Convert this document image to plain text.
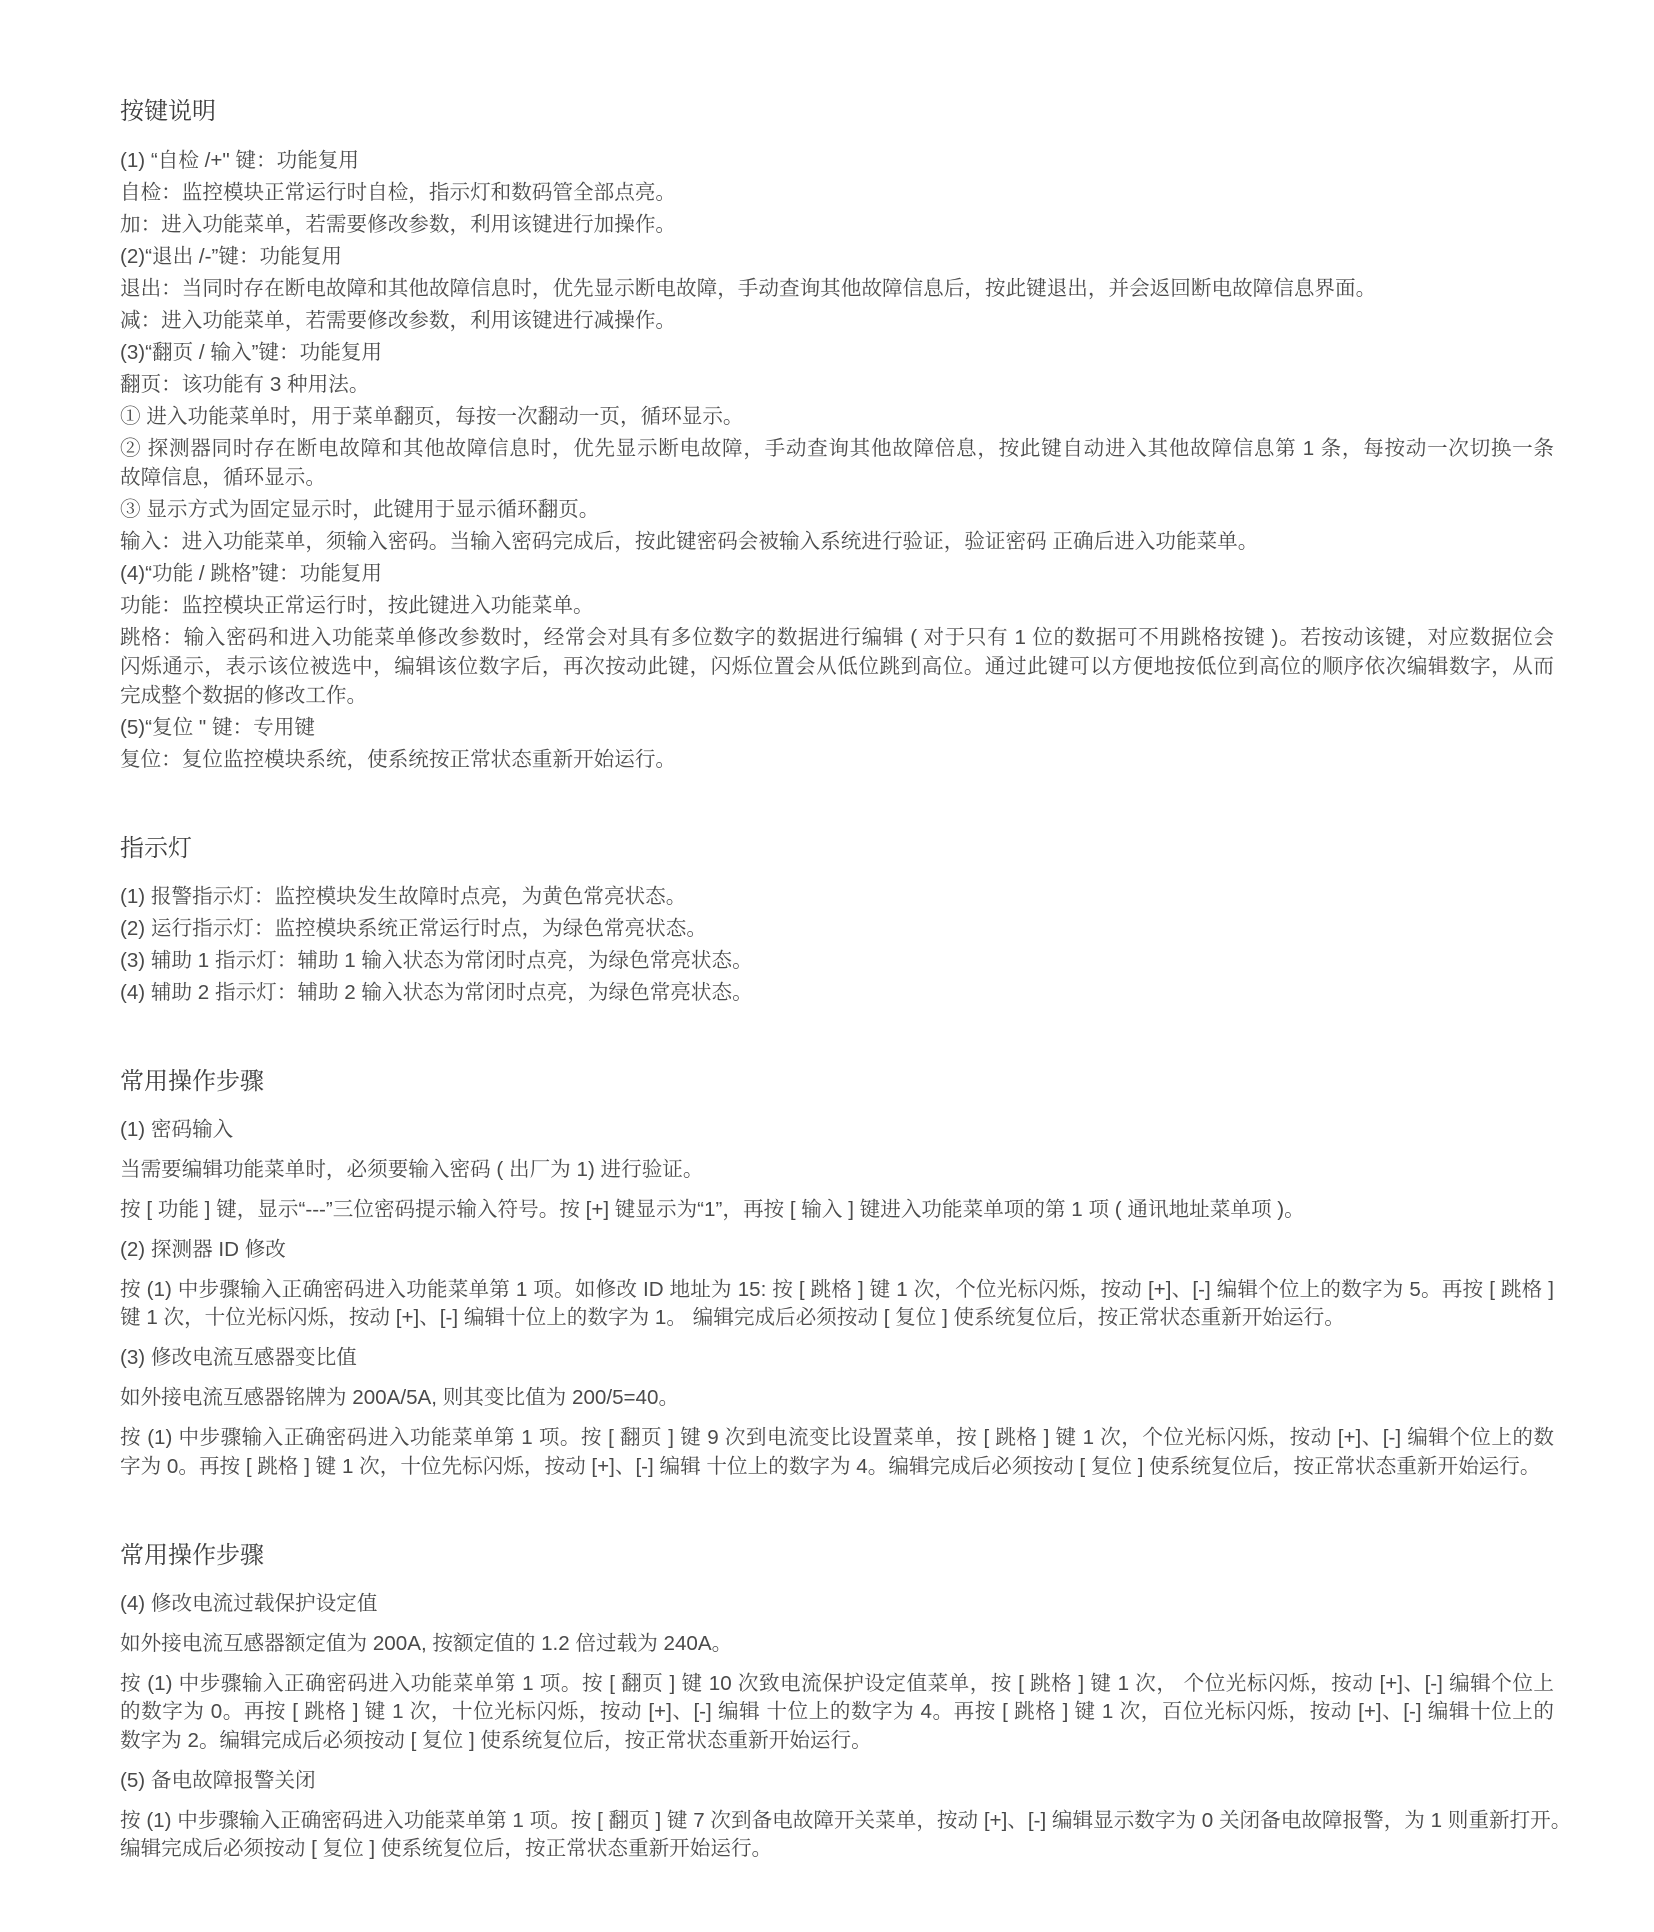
按键说明
(1) “自检 /+" 键：功能复用
自检：监控模块正常运行时自检，指示灯和数码管全部点亮。
加：进入功能菜单，若需要修改参数，利用该键进行加操作。
(2)“退出 /-”键：功能复用
退出：当同时存在断电故障和其他故障信息时，优先显示断电故障，手动查询其他故障信息后，按此键退出，并会返回断电故障信息界面。
减：进入功能菜单，若需要修改参数，利用该键进行减操作。
(3)“翻页 / 输入”键：功能复用
翻页：该功能有 3 种用法。
① 进入功能菜单时，用于菜单翻页，每按一次翻动一页，循环显示。
② 探测器同时存在断电故障和其他故障信息时，优先显示断电故障，手动查询其他故障倍息，按此键自动进入其他故障信息第 1 条，每按动一次切换一条
故障信息，循环显示。
③ 显示方式为固定显示时，此键用于显示循环翻页。
输入：进入功能菜单，须输入密码。当输入密码完成后，按此键密码会被输入系统进行验证，验证密码 正确后进入功能菜单。
(4)“功能 / 跳格”键：功能复用
功能：监控模块正常运行时，按此键进入功能菜单。
跳格：输入密码和进入功能菜单修改参数时，经常会对具有多位数字的数据进行编辑 ( 对于只有 1 位的数据可不用跳格按键 )。若按动该键，对应数据位会
闪烁通示，表示该位被选中，编辑该位数字后，再次按动此键，闪烁位置会从低位跳到高位。通过此键可以方便地按低位到高位的顺序依次编辑数字，从而
完成整个数据的修改工作。
(5)“复位 " 键：专用键
复位：复位监控模块系统，使系统按正常状态重新开始运行。
指示灯
(1) 报警指示灯：监控模块发生故障时点亮，为黄色常亮状态。
(2) 运行指示灯：监控模块系统正常运行时点，为绿色常亮状态。
(3) 辅助 1 指示灯：辅助 1 输入状态为常闭时点亮，为绿色常亮状态。
(4) 辅助 2 指示灯：辅助 2 输入状态为常闭时点亮，为绿色常亮状态。
常用操作步骤
(1) 密码输入
当需要编辑功能菜单时，必须要输入密码 ( 出厂为 1) 进行验证。
按 [ 功能 ] 键，显示“---”三位密码提示输入符号。按 [+] 键显示为“1”，再按 [ 输入 ] 键进入功能菜单项的第 1 项 ( 通讯地址菜单项 )。
(2) 探测器 ID 修改
按 (1) 中步骤输入正确密码进入功能菜单第 1 项。如修改 ID 地址为 15: 按 [ 跳格 ] 键 1 次，个位光标闪烁，按动 [+]、[-] 编辑个位上的数字为 5。再按 [ 跳格 ]
键 1 次，十位光标闪烁，按动 [+]、[-] 编辑十位上的数字为 1。 编辑完成后必须按动 [ 复位 ] 使系统复位后，按正常状态重新开始运行。
(3) 修改电流互感器变比值
如外接电流互感器铭牌为 200A/5A, 则其变比值为 200/5=40。
按 (1) 中步骤输入正确密码进入功能菜单第 1 项。按 [ 翻页 ] 键 9 次到电流变比设置菜单，按 [ 跳格 ] 键 1 次，个位光标闪烁，按动 [+]、[-] 编辑个位上的数
字为 0。再按 [ 跳格 ] 键 1 次，十位先标闪烁，按动 [+]、[-] 编辑 十位上的数字为 4。编辑完成后必须按动 [ 复位 ] 使系统复位后，按正常状态重新开始运行。
常用操作步骤
(4) 修改电流过载保护设定值
如外接电流互感器额定值为 200A, 按额定值的 1.2 倍过载为 240A。
按 (1) 中步骤输入正确密码进入功能菜单第 1 项。按 [ 翻页 ] 键 10 次致电流保护设定值菜单，按 [ 跳格 ] 键 1 次， 个位光标闪烁，按动 [+]、[-] 编辑个位上
的数字为 0。再按 [ 跳格 ] 键 1 次，十位光标闪烁，按动 [+]、[-] 编辑 十位上的数字为 4。再按 [ 跳格 ] 键 1 次，百位光标闪烁，按动 [+]、[-] 编辑十位上的
数字为 2。编辑完成后必须按动 [ 复位 ] 使系统复位后，按正常状态重新开始运行。
(5) 备电故障报警关闭
按 (1) 中步骤输入正确密码进入功能菜单第 1 项。按 [ 翻页 ] 键 7 次到备电故障开关菜单，按动 [+]、[-] 编辑显示数字为 0 关闭备电故障报警，为 1 则重新打开。
编辑完成后必须按动 [ 复位 ] 使系统复位后，按正常状态重新开始运行。
